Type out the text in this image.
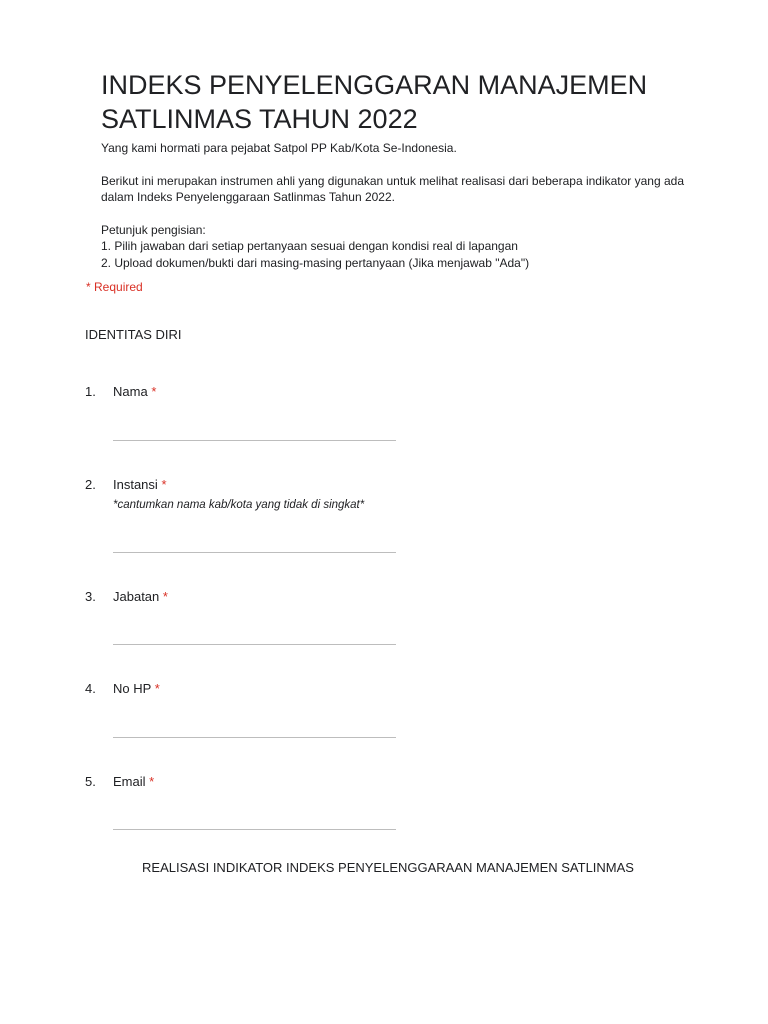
INDEKS PENYELENGGARAN MANAJEMEN SATLINMAS TAHUN 2022

Yang kami hormati para pejabat Satpol PP Kab/Kota Se-Indonesia.

Berikut ini merupakan instrumen ahli yang digunakan untuk melihat realisasi dari beberapa indikator yang ada dalam Indeks Penyelenggaraan Satlinmas Tahun 2022.

Petunjuk pengisian:

1. Pilih jawaban dari setiap pertanyaan sesuai dengan kondisi real di lapangan

2. Upload dokumen/bukti dari masing-masing pertanyaan (Jika menjawab "Ada")

* Required
IDENTITAS DIRI
1. Nama *
2. Instansi *
*cantumkan nama kab/kota yang tidak di singkat*
3. Jabatan *
4. No HP *
5. Email *
REALISASI INDIKATOR INDEKS PENYELENGGARAAN MANAJEMEN SATLINMAS
